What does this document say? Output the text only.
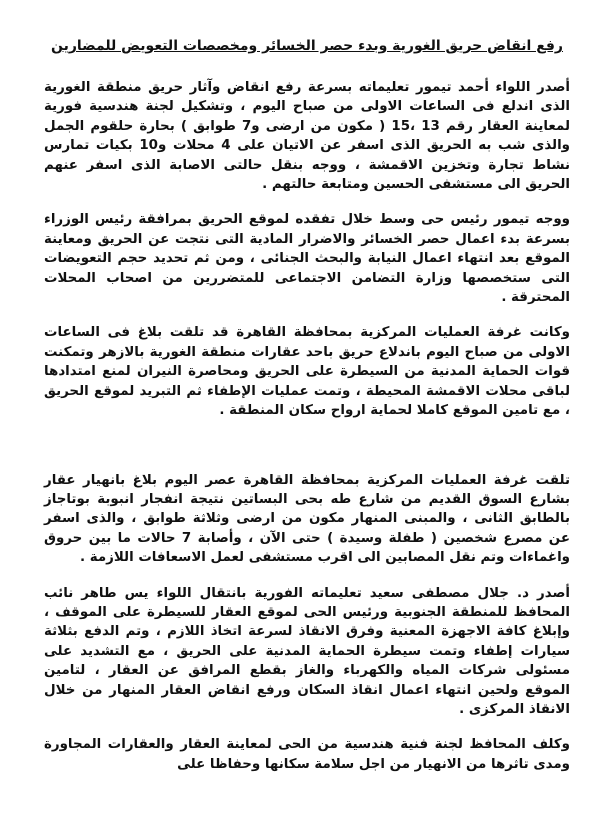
رفع انقاض حريق الغورية وبدء حصر الخسائر ومخصصات التعويض للمضارين

أصدر اللواء أحمد تيمور تعليماته بسرعة رفع انقاض وآثار حريق منطقة الغورية الذى اندلع فى الساعات الاولى من صباح اليوم ، وتشكيل لجنة هندسية فورية لمعاينة العقار رقم 13 ،15 ( مكون من ارضى و7 طوابق ) بحارة حلقوم الجمل والذى شب به الحريق الذى اسفر عن الاتيان على 4 محلات و10 بكيات تمارس نشاط تجارة وتخزين الاقمشة ، ووجه بنقل حالتى الاصابة الذى اسفر عنهم الحريق الى مستشفى الحسين ومتابعة حالتهم .

ووجه تيمور رئيس حى وسط خلال تفقده لموقع الحريق بمرافقة رئيس الوزراء بسرعة بدء اعمال حصر الخسائر والاضرار المادية التى نتجت عن الحريق ومعاينة الموقع بعد انتهاء اعمال النيابة والبحث الجنائى ، ومن ثم تحديد حجم التعويضات التى ستخصصها وزارة التضامن الاجتماعى للمتضررين من اصحاب المحلات المحترقة .

وكانت غرفة العمليات المركزية بمحافظة القاهرة قد تلقت بلاغ فى الساعات الاولى من صباح اليوم باندلاع حريق باحد عقارات منطقة الغورية بالازهر وتمكنت قوات الحماية المدنية من السيطرة على الحريق ومحاصرة النيران لمنع امتدادها لباقى محلات الاقمشة المحيطة ، وتمت عمليات الإطفاء ثم التبريد لموقع الحريق ، مع تامين الموقع كاملا لحماية ارواح سكان المنطقة .

تلقت غرفة العمليات المركزية بمحافظة القاهرة عصر اليوم بلاغ بانهيار عقار بشارع السوق القديم من شارع طه بحى البساتين نتيجة انفجار انبوبة بوتاجاز بالطابق الثانى ، والمبنى المنهار مكون من ارضى وثلاثة طوابق ، والذى اسفر عن مصرع شخصين ( طفلة وسيدة ) حتى الآن ، وأصابة 7 حالات ما بين حروق واغماءات وتم نقل المصابين الى اقرب مستشفى لعمل الاسعافات اللازمة .

أصدر د. جلال مصطفى سعيد تعليماته الفورية بانتقال اللواء يس طاهر نائب المحافظ للمنطقة الجنوبية ورئيس الحى لموقع العقار للسيطرة على الموقف ، وإبلاغ كافة الاجهزة المعنية وفرق الانقاذ لسرعة اتخاذ اللازم ، وتم الدفع بثلاثة سيارات إطفاء وتمت سيطرة الحماية المدنية على الحريق ، مع التشديد على مسئولى شركات المياه والكهرباء والغاز بقطع المرافق عن العقار ، لتامين الموقع ولحين انتهاء اعمال انقاذ السكان ورفع انقاض العقار المنهار من خلال الانقاذ المركزى .

وكلف المحافظ لجنة فنية هندسية من الحى لمعاينة العقار والعقارات المجاورة ومدى تاثرها من الانهيار من اجل سلامة سكانها وحفاظا على
